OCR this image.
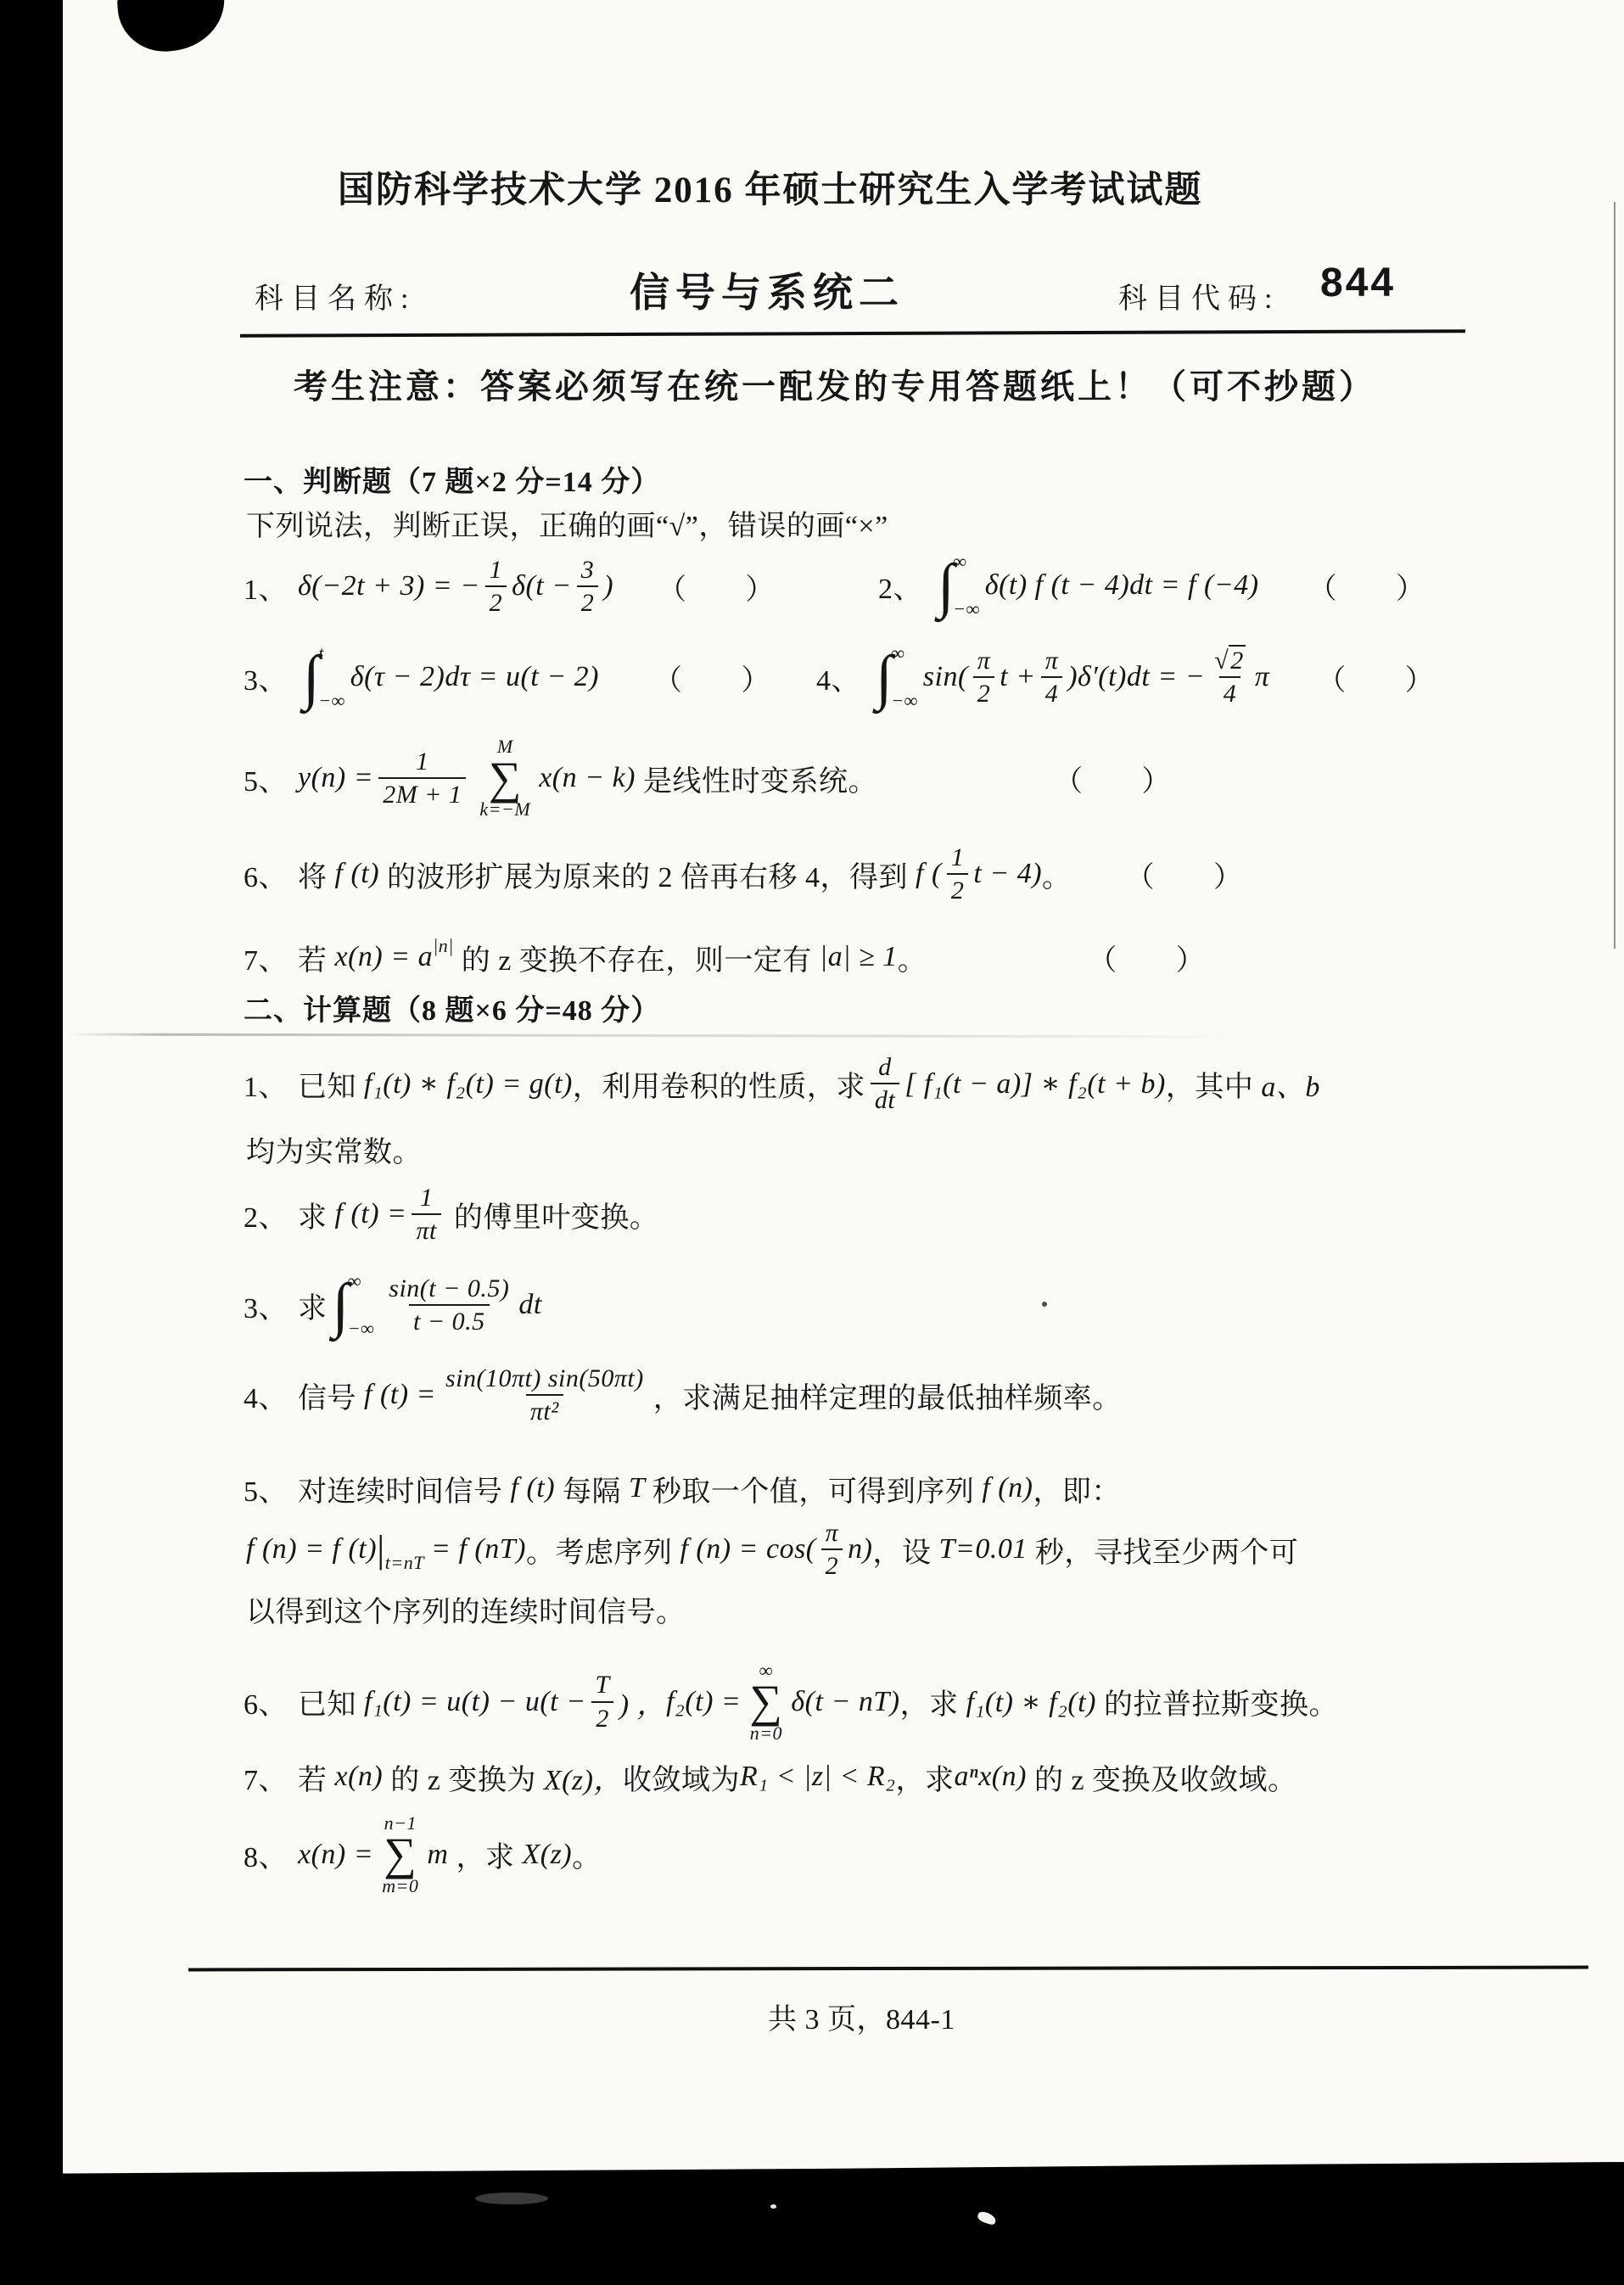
国防科学技术大学 2016 年硕士研究生入学考试试题
科目名称:	信号与系统二	科目代码: 844
考生注意：答案必须写在统一配发的专用答题纸上！（可不抄题）
一、判断题（7 题×2 分=14 分）
下列说法，判断正误，正确的画“√”，错误的画“×”
1、 δ(−2t + 3) = − $\frac{1}{2} \delta(t - \frac{3}{2}$ ) （　　）	2、 ∫
∞
−∞
δ(t) f (t − 4)dt = f (−4) （　　）
3、 ∫
t
−∞
δ(τ − 2)dτ = u(t − 2) （　　） 4、 ∫
∞
−∞
$\sin( \frac{\pi}{2}$ $t + \frac{\pi}{4} )\delta'(t)dt$ = − $\frac{√2}{4}$ π （　　）
5、 $y(n) = \frac{1}{2M + 1}$ M
∑
k=−M
x(n − k) 是线性时变系统。	（　　）
6、 将 f (t) 的波形扩展为原来的 2 倍再右移 4，得到 f ( $\frac{1}{2}$ t − 4) 。 （　　）
7、 若 x(n) = a |n| 的 z 变换不存在，则一定有 |a| ≥ 1 。	（　　）
二、计算题（8 题×6 分=48 分）
1、 已知 f₁(t) ∗ f₂(t) = g(t) ，利用卷积的性质，求 $\frac{d}{dt}$ [ f₁(t − a)] ∗ f₂(t + b) ，其中 a、b
均为实常数。
2、 求 f $(t) = \frac{1}{\pi t}$ 的傅里叶变换。
3、 求 ∫
∞
−∞ $\frac{\sin(t - 0.5)}{t - 0.5}$ dt
4、 信号 f $(t) = \frac{\sin(10\pi t) \sin(50\pi t)}{\text{πt²}}$ ，求满足抽样定理的最低抽样频率。
5、 对连续时间信号 f (t) 每隔 T 秒取一个值，可得到序列 f (n) ，即：
f (n) = f (t) | t=nT = f (nT) 。考虑序列 f $(n) = \cos( \frac{\pi}{2} n)$ ，设 T=0.01 秒，寻找至少两个可
以得到这个序列的连续时间信号。
6、 已知 $f_1(t) = u(t) - u(t - \frac{T}{2}$ ) ， f₂(t) =
∞
∑
n=0
δ(t − nT) ，求 f₁(t) ∗ f₂(t) 的拉普拉斯变换。
7、 若 x(n) 的 z 变换为 X(z)， 收敛域为 R₁ < |z| < R₂ ，求 aⁿx(n) 的 z 变换及收敛域。
8、 x(n) =
n−1
∑
m=0
m ，求 X(z) 。
共 3 页，844-1
